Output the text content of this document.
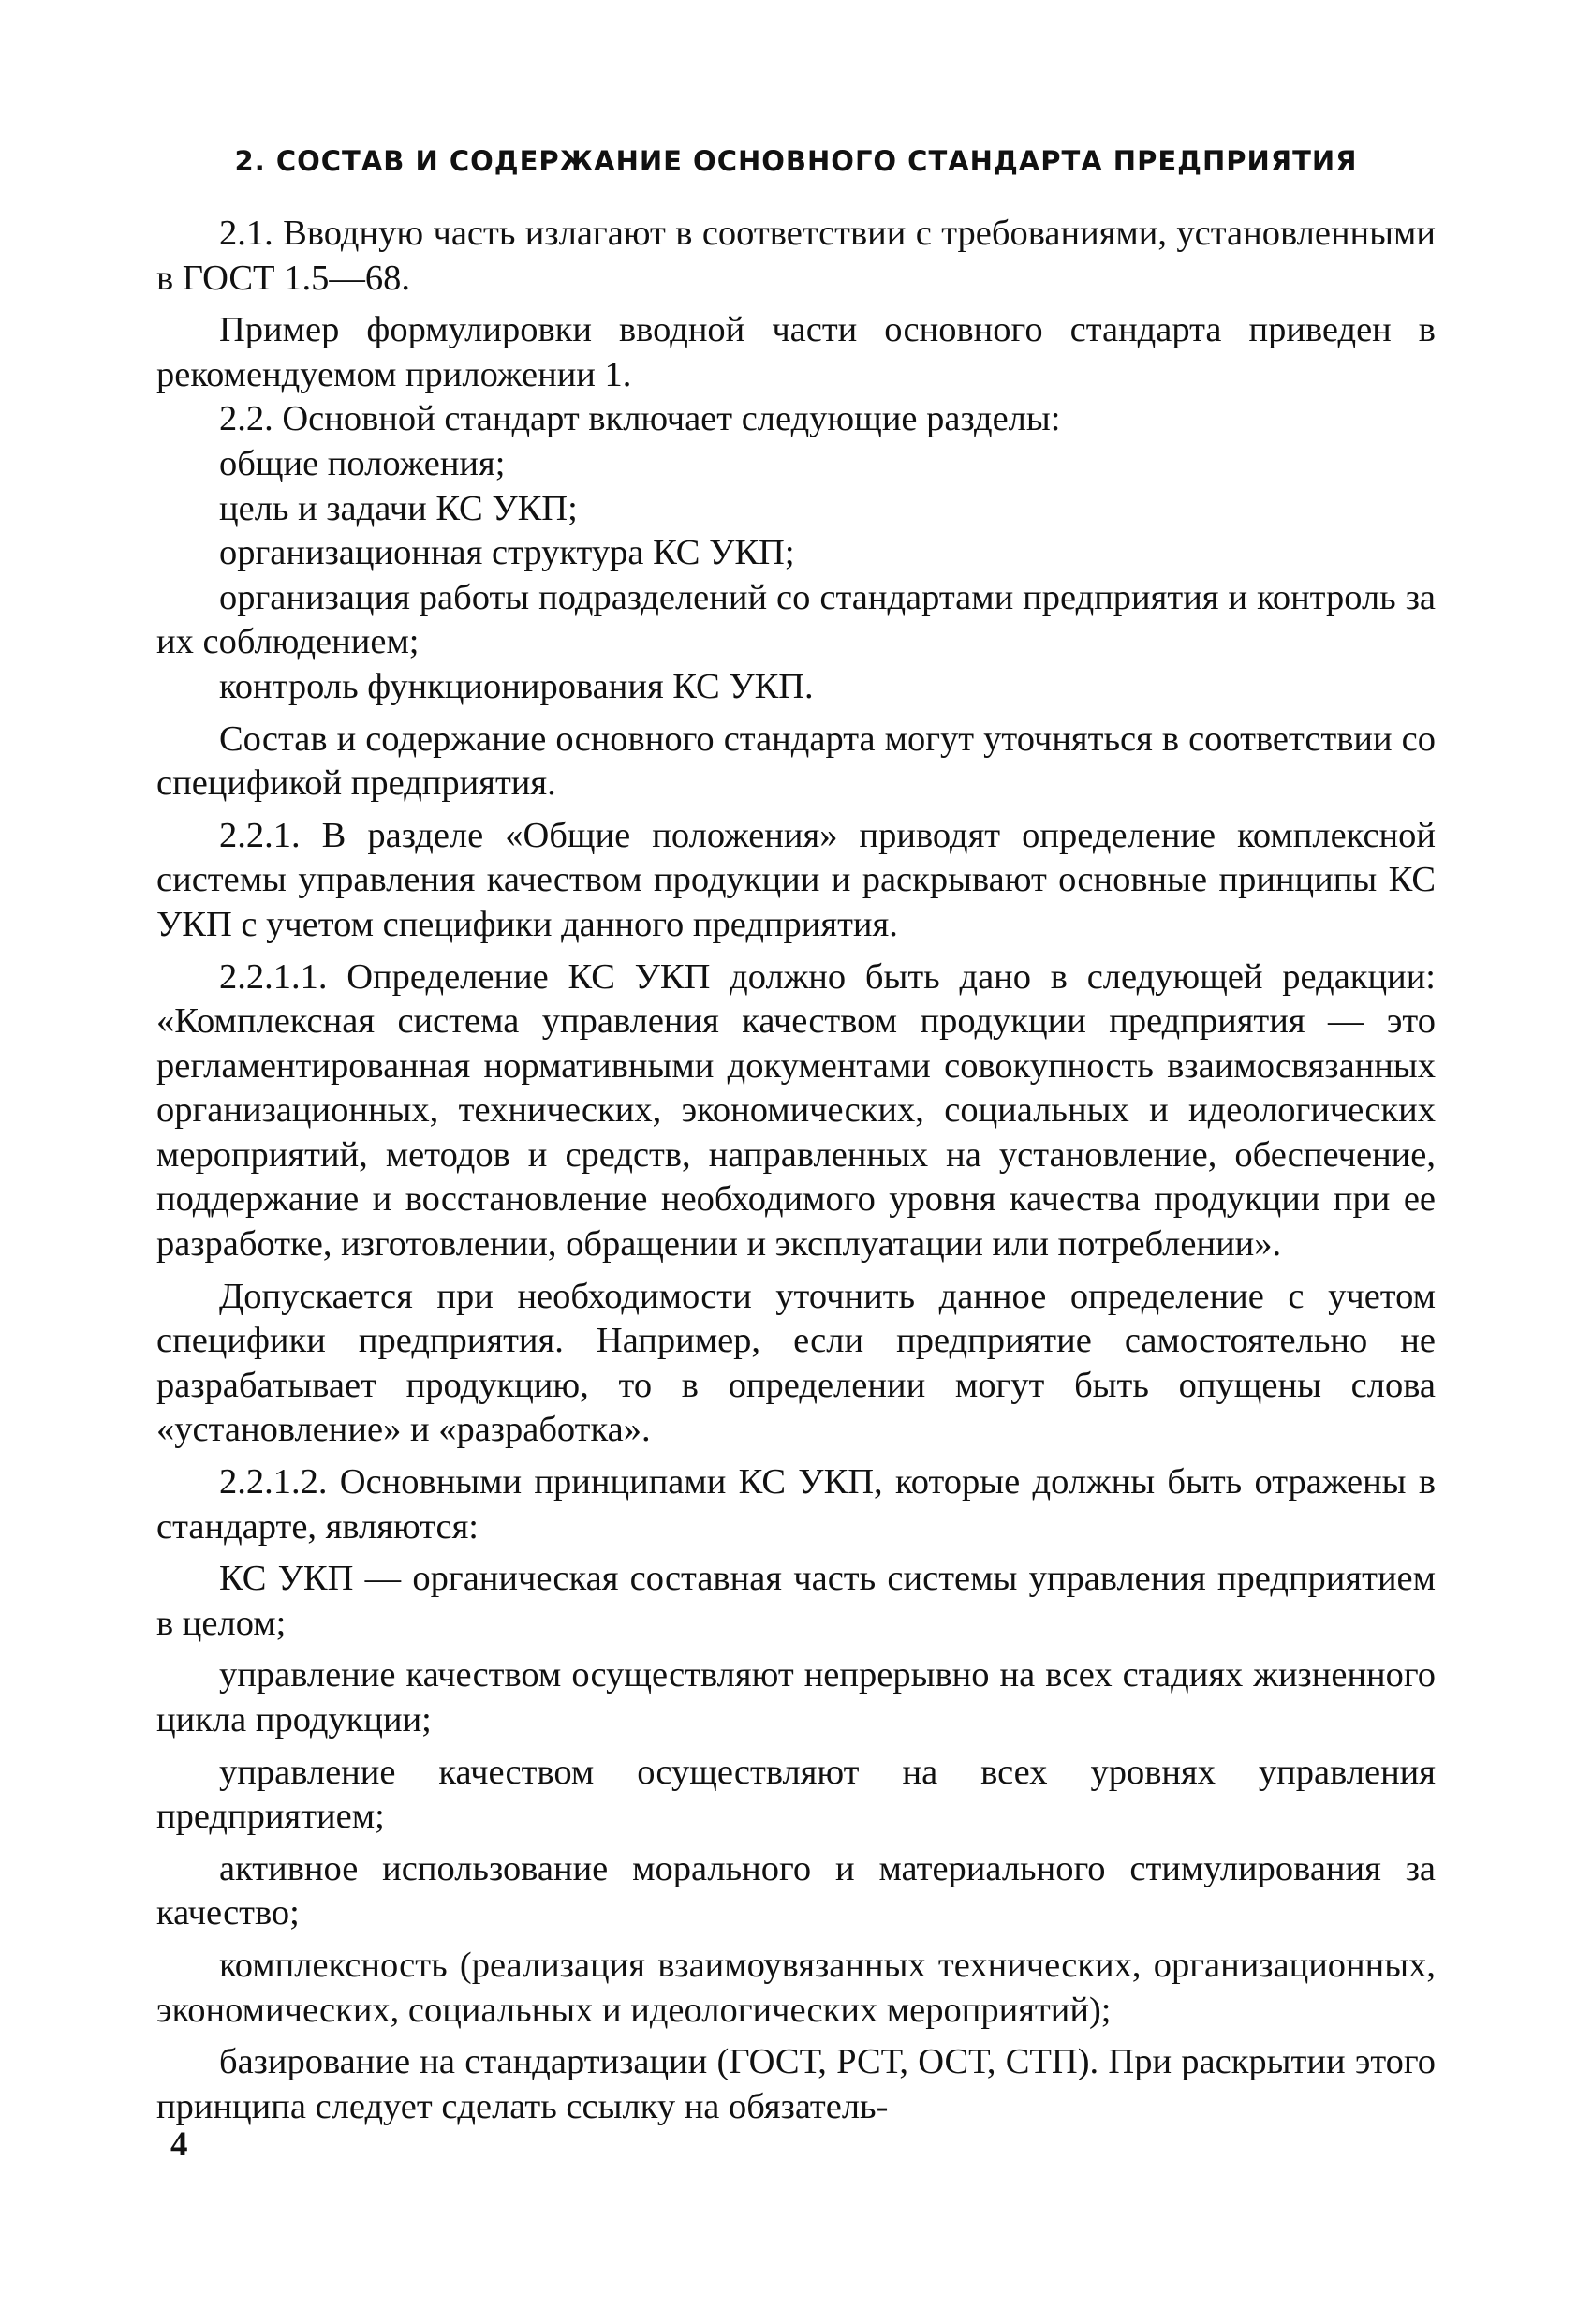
2. СОСТАВ И СОДЕРЖАНИЕ ОСНОВНОГО СТАНДАРТА ПРЕДПРИЯТИЯ

2.1. Вводную часть излагают в соответствии с требованиями, установленными в ГОСТ 1.5—68.

Пример формулировки вводной части основного стандарта приведен в рекомендуемом приложении 1.

2.2. Основной стандарт включает следующие разделы:

общие положения;

цель и задачи КС УКП;

организационная структура КС УКП;

организация работы подразделений со стандартами предприятия и контроль за их соблюдением;

контроль функционирования КС УКП.

Состав и содержание основного стандарта могут уточняться в соответствии со спецификой предприятия.

2.2.1. В разделе «Общие положения» приводят определение комплексной системы управления качеством продукции и раскрывают основные принципы КС УКП с учетом специфики данного предприятия.

2.2.1.1. Определение КС УКП должно быть дано в следующей редакции: «Комплексная система управления качеством продукции предприятия — это регламентированная нормативными документами совокупность взаимосвязанных организационных, технических, экономических, социальных и идеологических мероприятий, методов и средств, направленных на установление, обеспечение, поддержание и восстановление необходимого уровня качества продукции при ее разработке, изготовлении, обращении и эксплуатации или потреблении».

Допускается при необходимости уточнить данное определение с учетом специфики предприятия. Например, если предприятие самостоятельно не разрабатывает продукцию, то в определении могут быть опущены слова «установление» и «разработка».

2.2.1.2. Основными принципами КС УКП, которые должны быть отражены в стандарте, являются:

КС УКП — органическая составная часть системы управления предприятием в целом;

управление качеством осуществляют непрерывно на всех стадиях жизненного цикла продукции;

управление качеством осуществляют на всех уровнях управления предприятием;

активное использование морального и материального стимулирования за качество;

комплексность (реализация взаимоувязанных технических, организационных, экономических, социальных и идеологических мероприятий);

базирование на стандартизации (ГОСТ, РСТ, ОСТ, СТП). При раскрытии этого принципа следует сделать ссылку на обязатель-

4
